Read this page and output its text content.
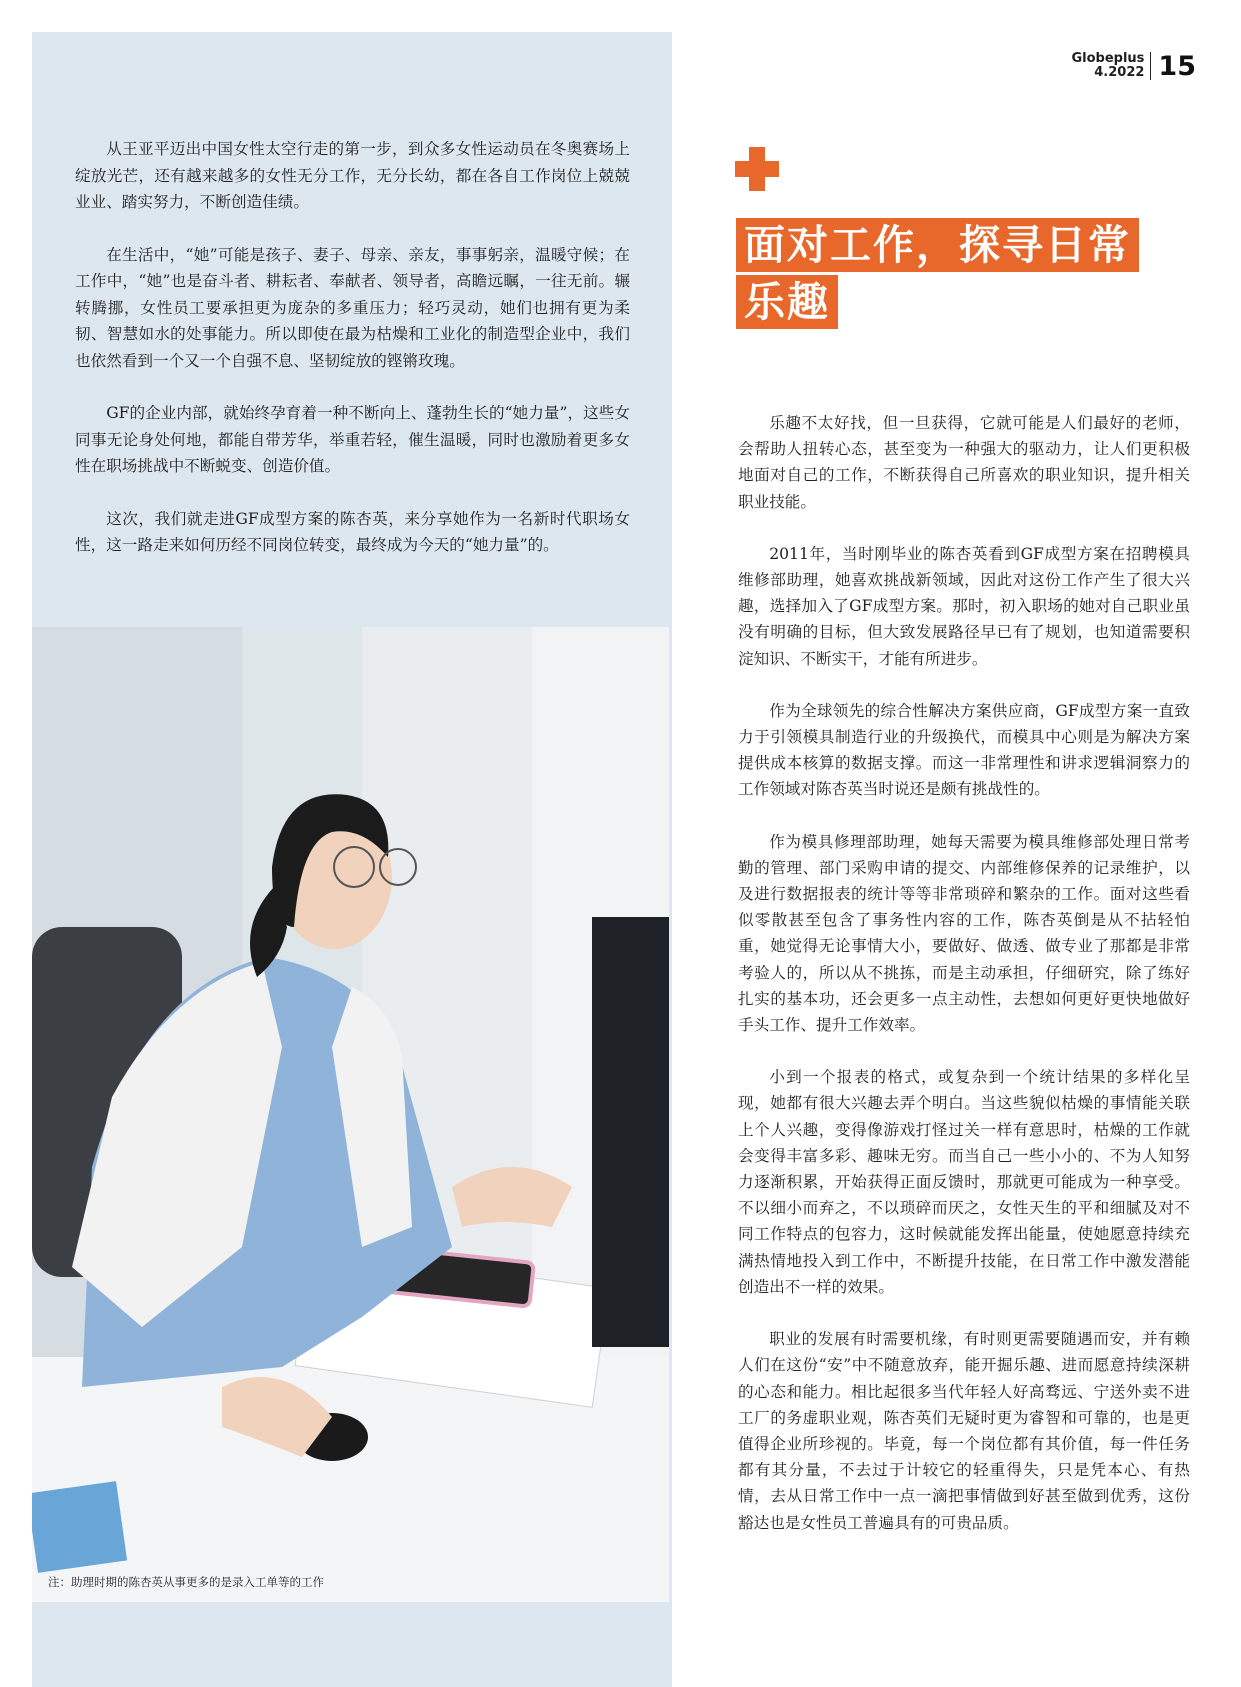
从王亚平迈出中国女性太空行走的第一步，到众多女性运动员在冬奥赛场上绽放光芒，还有越来越多的女性无分工作，无分长幼，都在各自工作岗位上兢兢业业、踏实努力，不断创造佳绩。

在生活中，“她”可能是孩子、妻子、母亲、亲友，事事躬亲，温暖守候；在工作中，“她”也是奋斗者、耕耘者、奉献者、领导者，高瞻远瞩，一往无前。辗转腾挪，女性员工要承担更为庞杂的多重压力；轻巧灵动，她们也拥有更为柔韧、智慧如水的处事能力。所以即使在最为枯燥和工业化的制造型企业中，我们也依然看到一个又一个自强不息、坚韧绽放的铿锵玫瑰。

GF的企业内部，就始终孕育着一种不断向上、蓬勃生长的“她力量”，这些女同事无论身处何地，都能自带芳华，举重若轻，催生温暖，同时也激励着更多女性在职场挑战中不断蜕变、创造价值。

这次，我们就走进GF成型方案的陈杏英，来分享她作为一名新时代职场女性，这一路走来如何历经不同岗位转变，最终成为今天的“她力量”的。

注：助理时期的陈杏英从事更多的是录入工单等的工作
Globeplus
4.2022 15
面对工作，探寻日常
乐趣

乐趣不太好找，但一旦获得，它就可能是人们最好的老师，会帮助人扭转心态，甚至变为一种强大的驱动力，让人们更积极地面对自己的工作，不断获得自己所喜欢的职业知识，提升相关职业技能。

2011年，当时刚毕业的陈杏英看到GF成型方案在招聘模具维修部助理，她喜欢挑战新领域，因此对这份工作产生了很大兴趣，选择加入了GF成型方案。那时，初入职场的她对自己职业虽没有明确的目标，但大致发展路径早已有了规划，也知道需要积淀知识、不断实干，才能有所进步。

作为全球领先的综合性解决方案供应商，GF成型方案一直致力于引领模具制造行业的升级换代，而模具中心则是为解决方案提供成本核算的数据支撑。而这一非常理性和讲求逻辑洞察力的工作领域对陈杏英当时说还是颇有挑战性的。

作为模具修理部助理，她每天需要为模具维修部处理日常考勤的管理、部门采购申请的提交、内部维修保养的记录维护，以及进行数据报表的统计等等非常琐碎和繁杂的工作。面对这些看似零散甚至包含了事务性内容的工作，陈杏英倒是从不拈轻怕重，她觉得无论事情大小，要做好、做透、做专业了那都是非常考验人的，所以从不挑拣，而是主动承担，仔细研究，除了练好扎实的基本功，还会更多一点主动性，去想如何更好更快地做好手头工作、提升工作效率。

小到一个报表的格式，或复杂到一个统计结果的多样化呈现，她都有很大兴趣去弄个明白。当这些貌似枯燥的事情能关联上个人兴趣，变得像游戏打怪过关一样有意思时，枯燥的工作就会变得丰富多彩、趣味无穷。而当自己一些小小的、不为人知努力逐渐积累，开始获得正面反馈时，那就更可能成为一种享受。不以细小而弃之，不以琐碎而厌之，女性天生的平和细腻及对不同工作特点的包容力，这时候就能发挥出能量，使她愿意持续充满热情地投入到工作中，不断提升技能，在日常工作中激发潜能创造出不一样的效果。

职业的发展有时需要机缘，有时则更需要随遇而安，并有赖人们在这份“安”中不随意放弃，能开掘乐趣、进而愿意持续深耕的心态和能力。相比起很多当代年轻人好高骛远、宁送外卖不进工厂的务虚职业观，陈杏英们无疑时更为睿智和可靠的，也是更值得企业所珍视的。毕竟，每一个岗位都有其价值，每一件任务都有其分量，不去过于计较它的轻重得失，只是凭本心、有热情，去从日常工作中一点一滴把事情做到好甚至做到优秀，这份豁达也是女性员工普遍具有的可贵品质。
